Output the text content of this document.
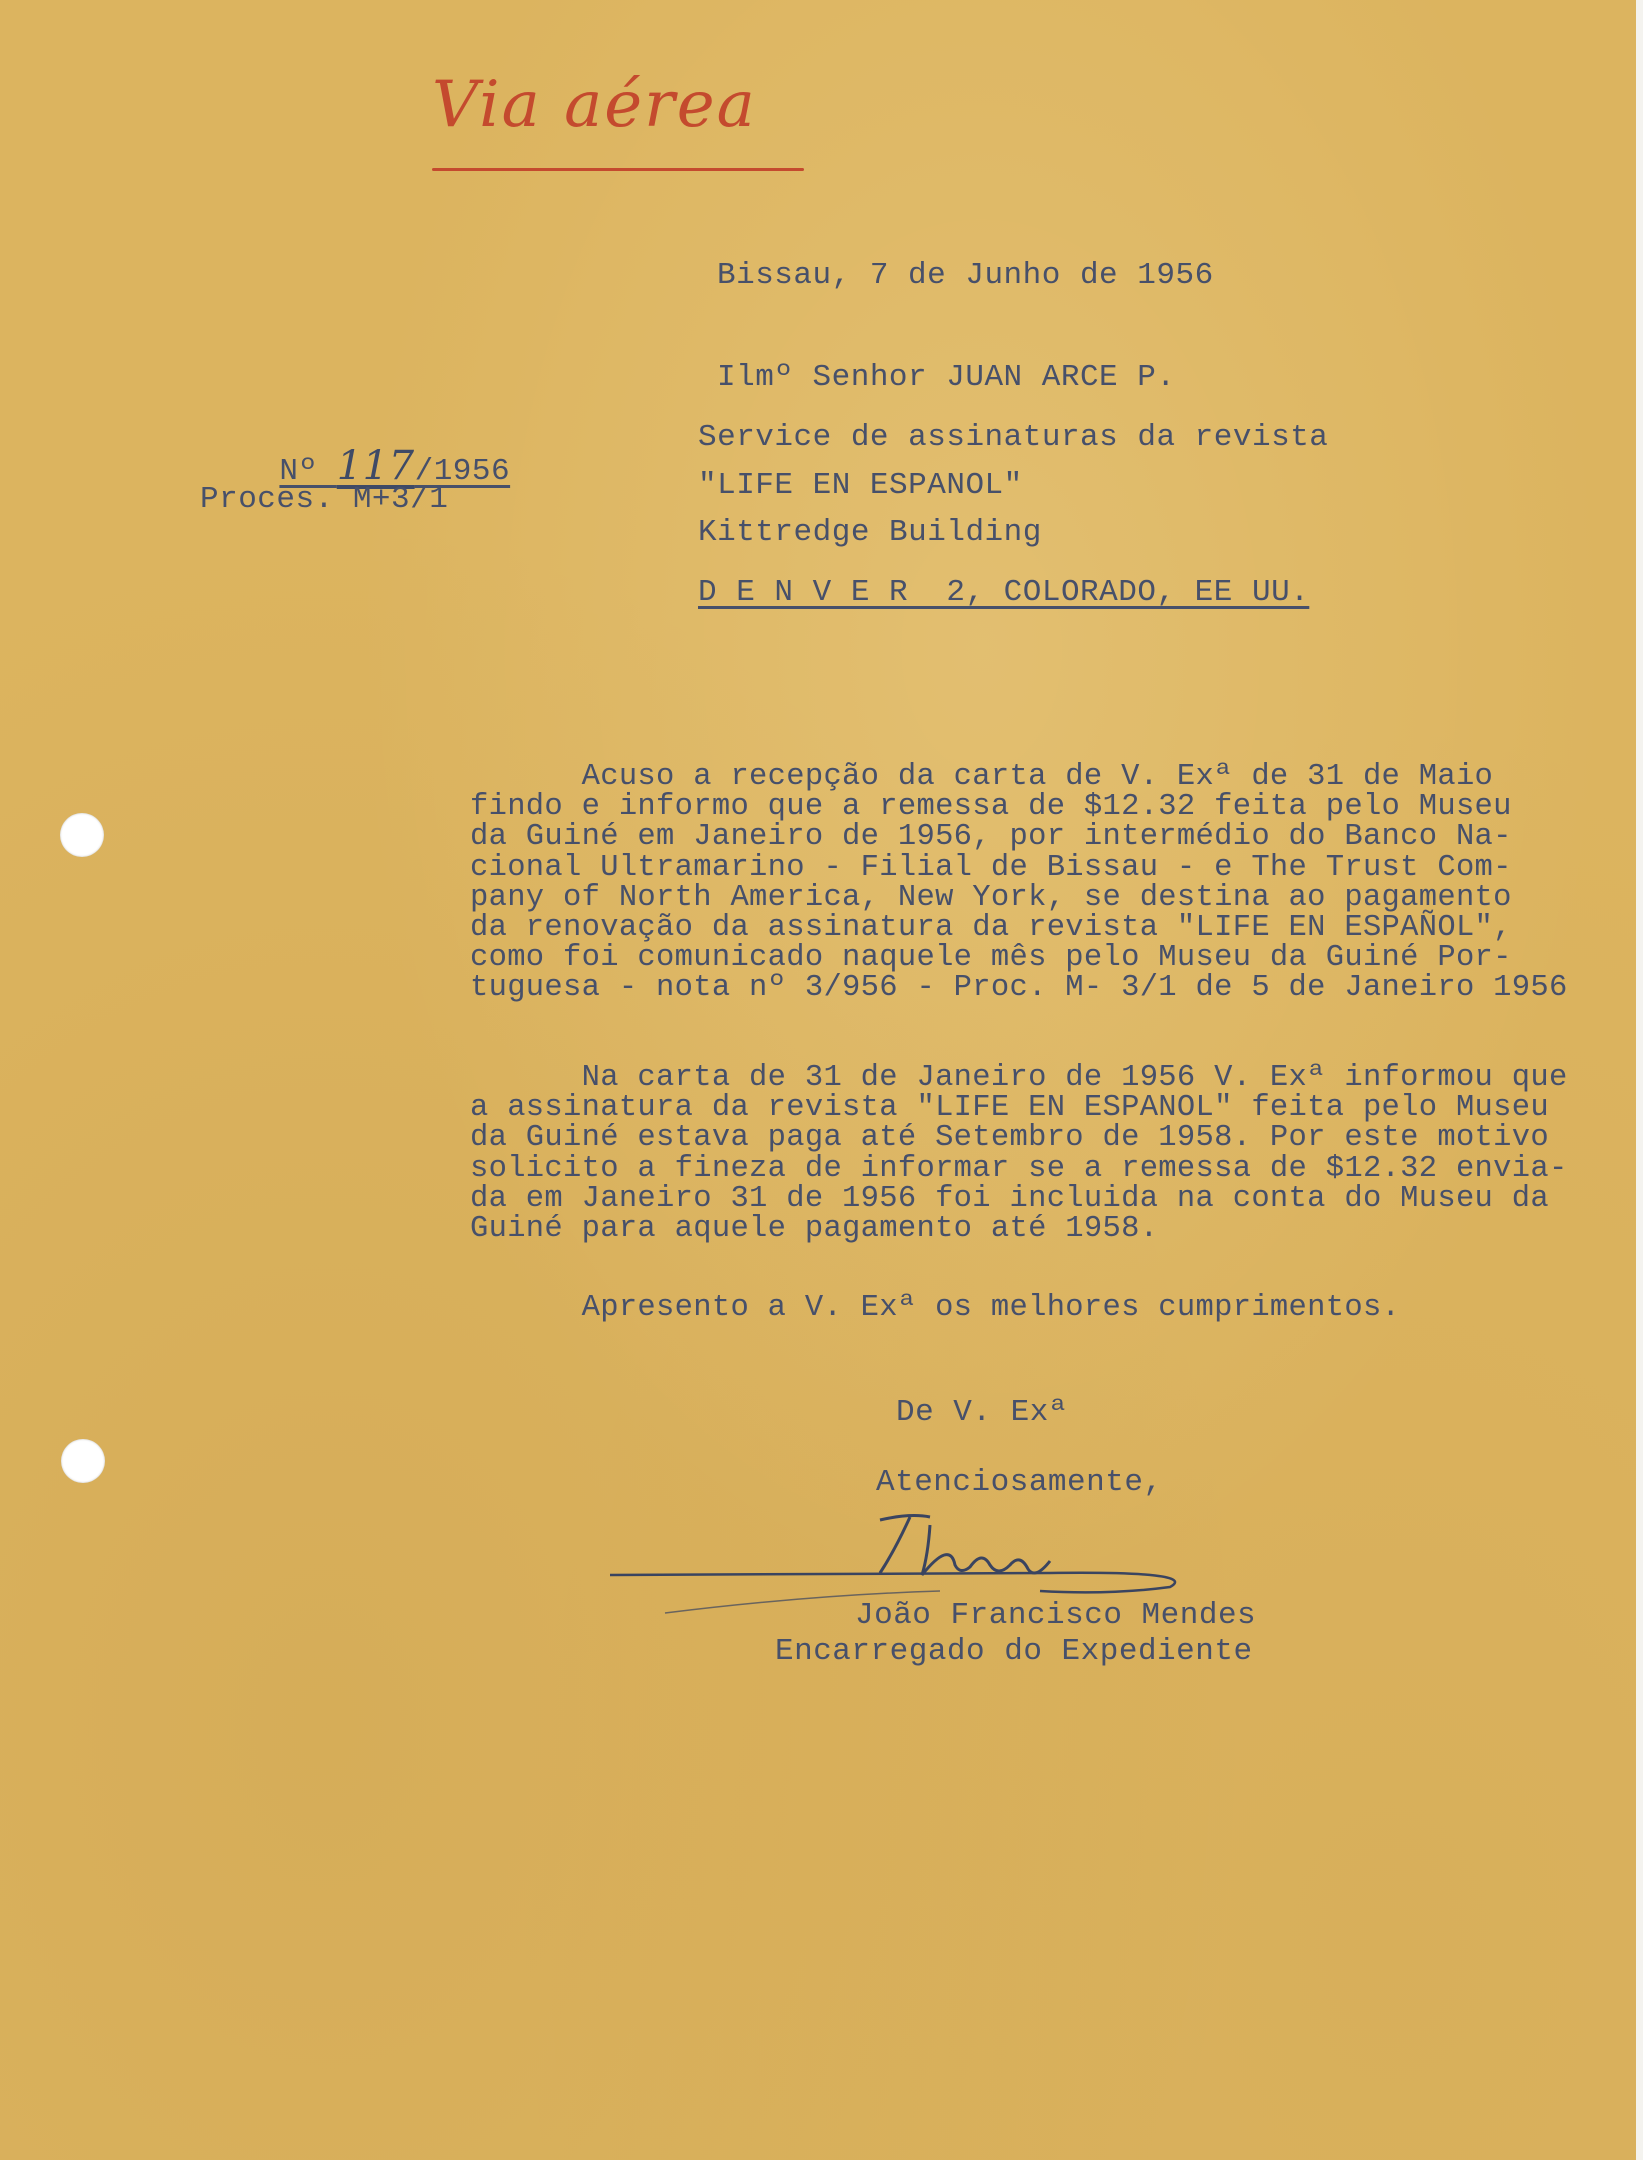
Via aérea
Bissau, 7 de Junho de 1956

Nº 117/1956

Proces. M+3/1
Ilmº Senhor JUAN ARCE P.
Service de assinaturas da revista
"LIFE EN ESPANOL"
Kittredge Building
D E N V E R  2, COLORADO, EE UU.
Acuso a recepção da carta de V. Exª de 31 de Maio
findo e informo que a remessa de $12.32 feita pelo Museu
da Guiné em Janeiro de 1956, por intermédio do Banco Na-
cional Ultramarino - Filial de Bissau - e The Trust Com-
pany of North America, New York, se destina ao pagamento
da renovação da assinatura da revista "LIFE EN ESPAÑOL",
como foi comunicado naquele mês pelo Museu da Guiné Por-
tuguesa - nota nº 3/956 - Proc. M- 3/1 de 5 de Janeiro 1956
Na carta de 31 de Janeiro de 1956 V. Exª informou que
a assinatura da revista "LIFE EN ESPANOL" feita pelo Museu
da Guiné estava paga até Setembro de 1958. Por este motivo
solicito a fineza de informar se a remessa de $12.32 envia-
da em Janeiro 31 de 1956 foi incluida na conta do Museu da
Guiné para aquele pagamento até 1958.
Apresento a V. Exª os melhores cumprimentos.
De V. Exª
Atenciosamente,
João Francisco Mendes
Encarregado do Expediente
